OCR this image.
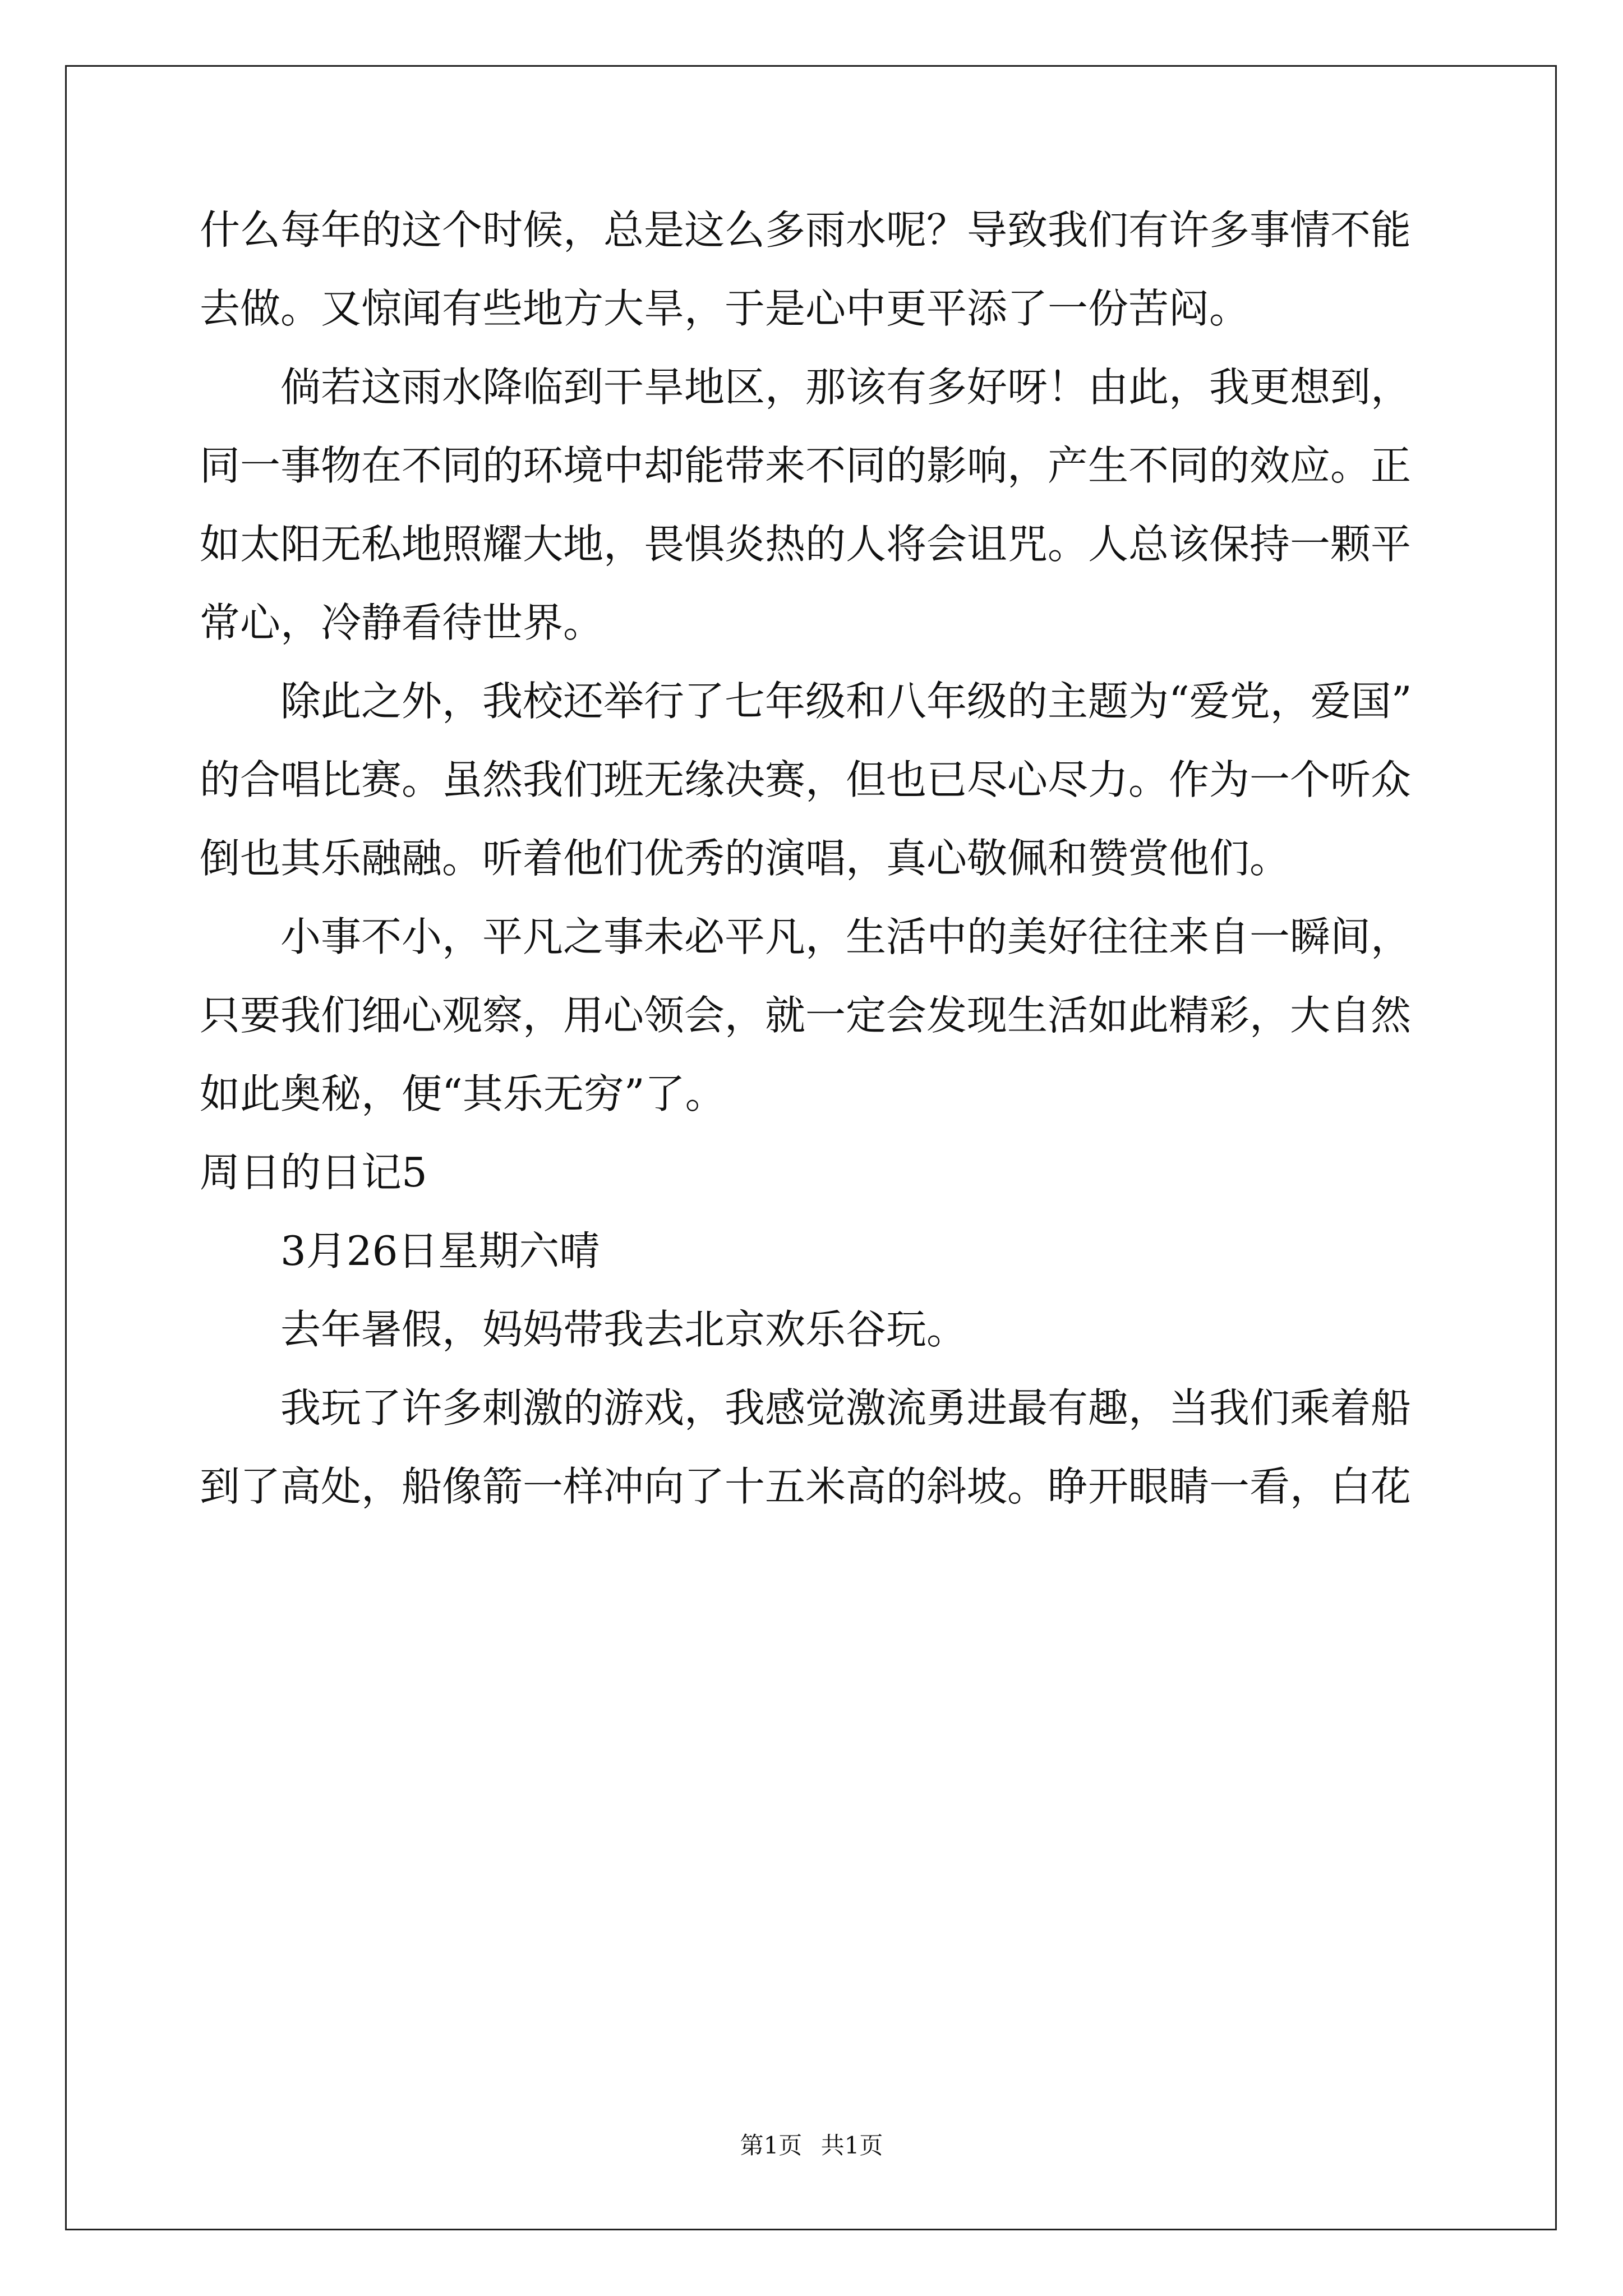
什么每年的这个时候，总是这么多雨水呢？导致我们有许多事情不能
去做。又惊闻有些地方大旱，于是心中更平添了一份苦闷。
倘若这雨水降临到干旱地区，那该有多好呀！由此，我更想到，
同一事物在不同的环境中却能带来不同的影响，产生不同的效应。正
如太阳无私地照耀大地，畏惧炎热的人将会诅咒。人总该保持一颗平
常心，冷静看待世界。
除此之外，我校还举行了七年级和八年级的主题为“爱党，爱国”
的合唱比赛。虽然我们班无缘决赛，但也已尽心尽力。作为一个听众
倒也其乐融融。听着他们优秀的演唱，真心敬佩和赞赏他们。
小事不小，平凡之事未必平凡，生活中的美好往往来自一瞬间，
只要我们细心观察，用心领会，就一定会发现生活如此精彩，大自然
如此奥秘，便“其乐无穷”了。
周日的日记5
3月26日星期六晴
去年暑假，妈妈带我去北京欢乐谷玩。
我玩了许多刺激的游戏，我感觉激流勇进最有趣，当我们乘着船
到了高处，船像箭一样冲向了十五米高的斜坡。睁开眼睛一看，白花
第1页 共1页
